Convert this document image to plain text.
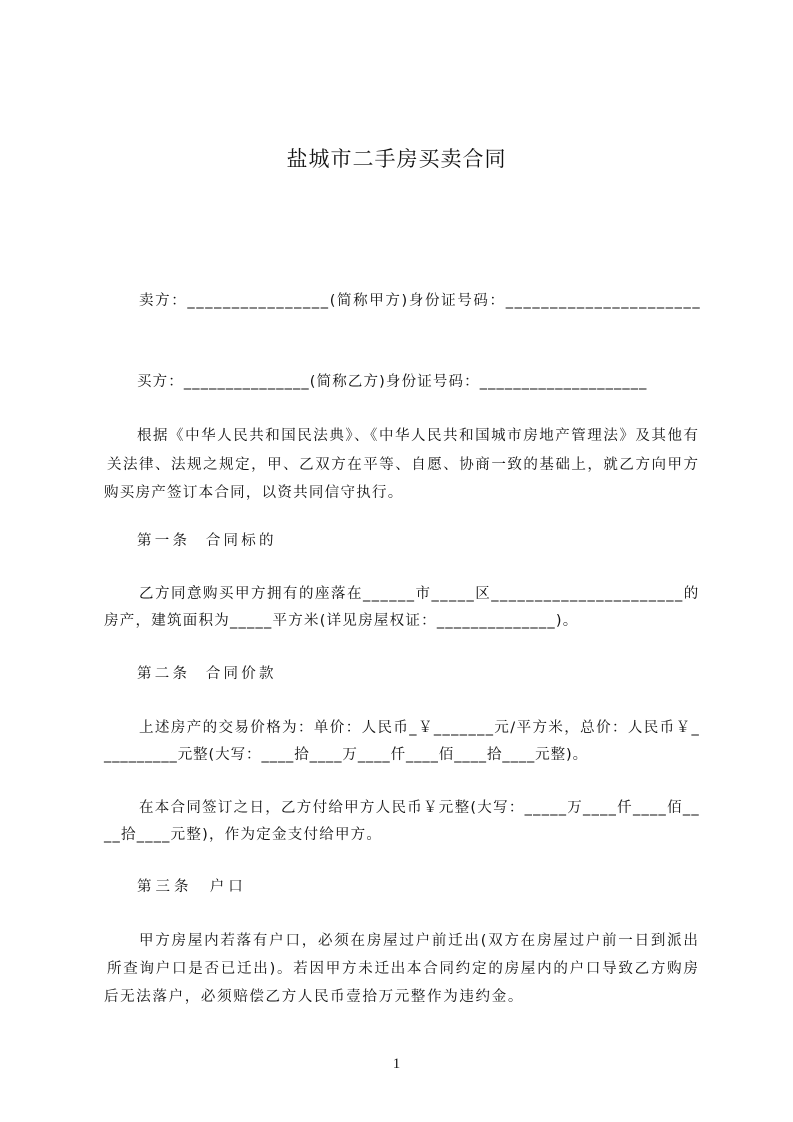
盐城市二手房买卖合同
卖方：________________(简称甲方)身份证号码：______________________
买方：_______________(简称乙方)身份证号码：____________________
根据《中华人民共和国民法典》、《中华人民共和国城市房地产管理法》及其他有
关法律、法规之规定，甲、乙双方在平等、自愿、协商一致的基础上，就乙方向甲方
购买房产签订本合同，以资共同信守执行。
第一条  合同标的
乙方同意购买甲方拥有的座落在______市_____区______________________的
房产，建筑面积为_____平方米(详见房屋权证：______________)。
第二条  合同价款
上述房产的交易价格为：单价：人民币_￥_______元/平方米，总价：人民币￥_
_________元整(大写：____拾____万____仟____佰____拾____元整)。
在本合同签订之日，乙方付给甲方人民币￥元整(大写：_____万____仟____佰__
__拾____元整)，作为定金支付给甲方。
第三条  户口
甲方房屋内若落有户口，必须在房屋过户前迁出(双方在房屋过户前一日到派出
所查询户口是否已迁出)。若因甲方未迁出本合同约定的房屋内的户口导致乙方购房
后无法落户，必须赔偿乙方人民币壹拾万元整作为违约金。
1
